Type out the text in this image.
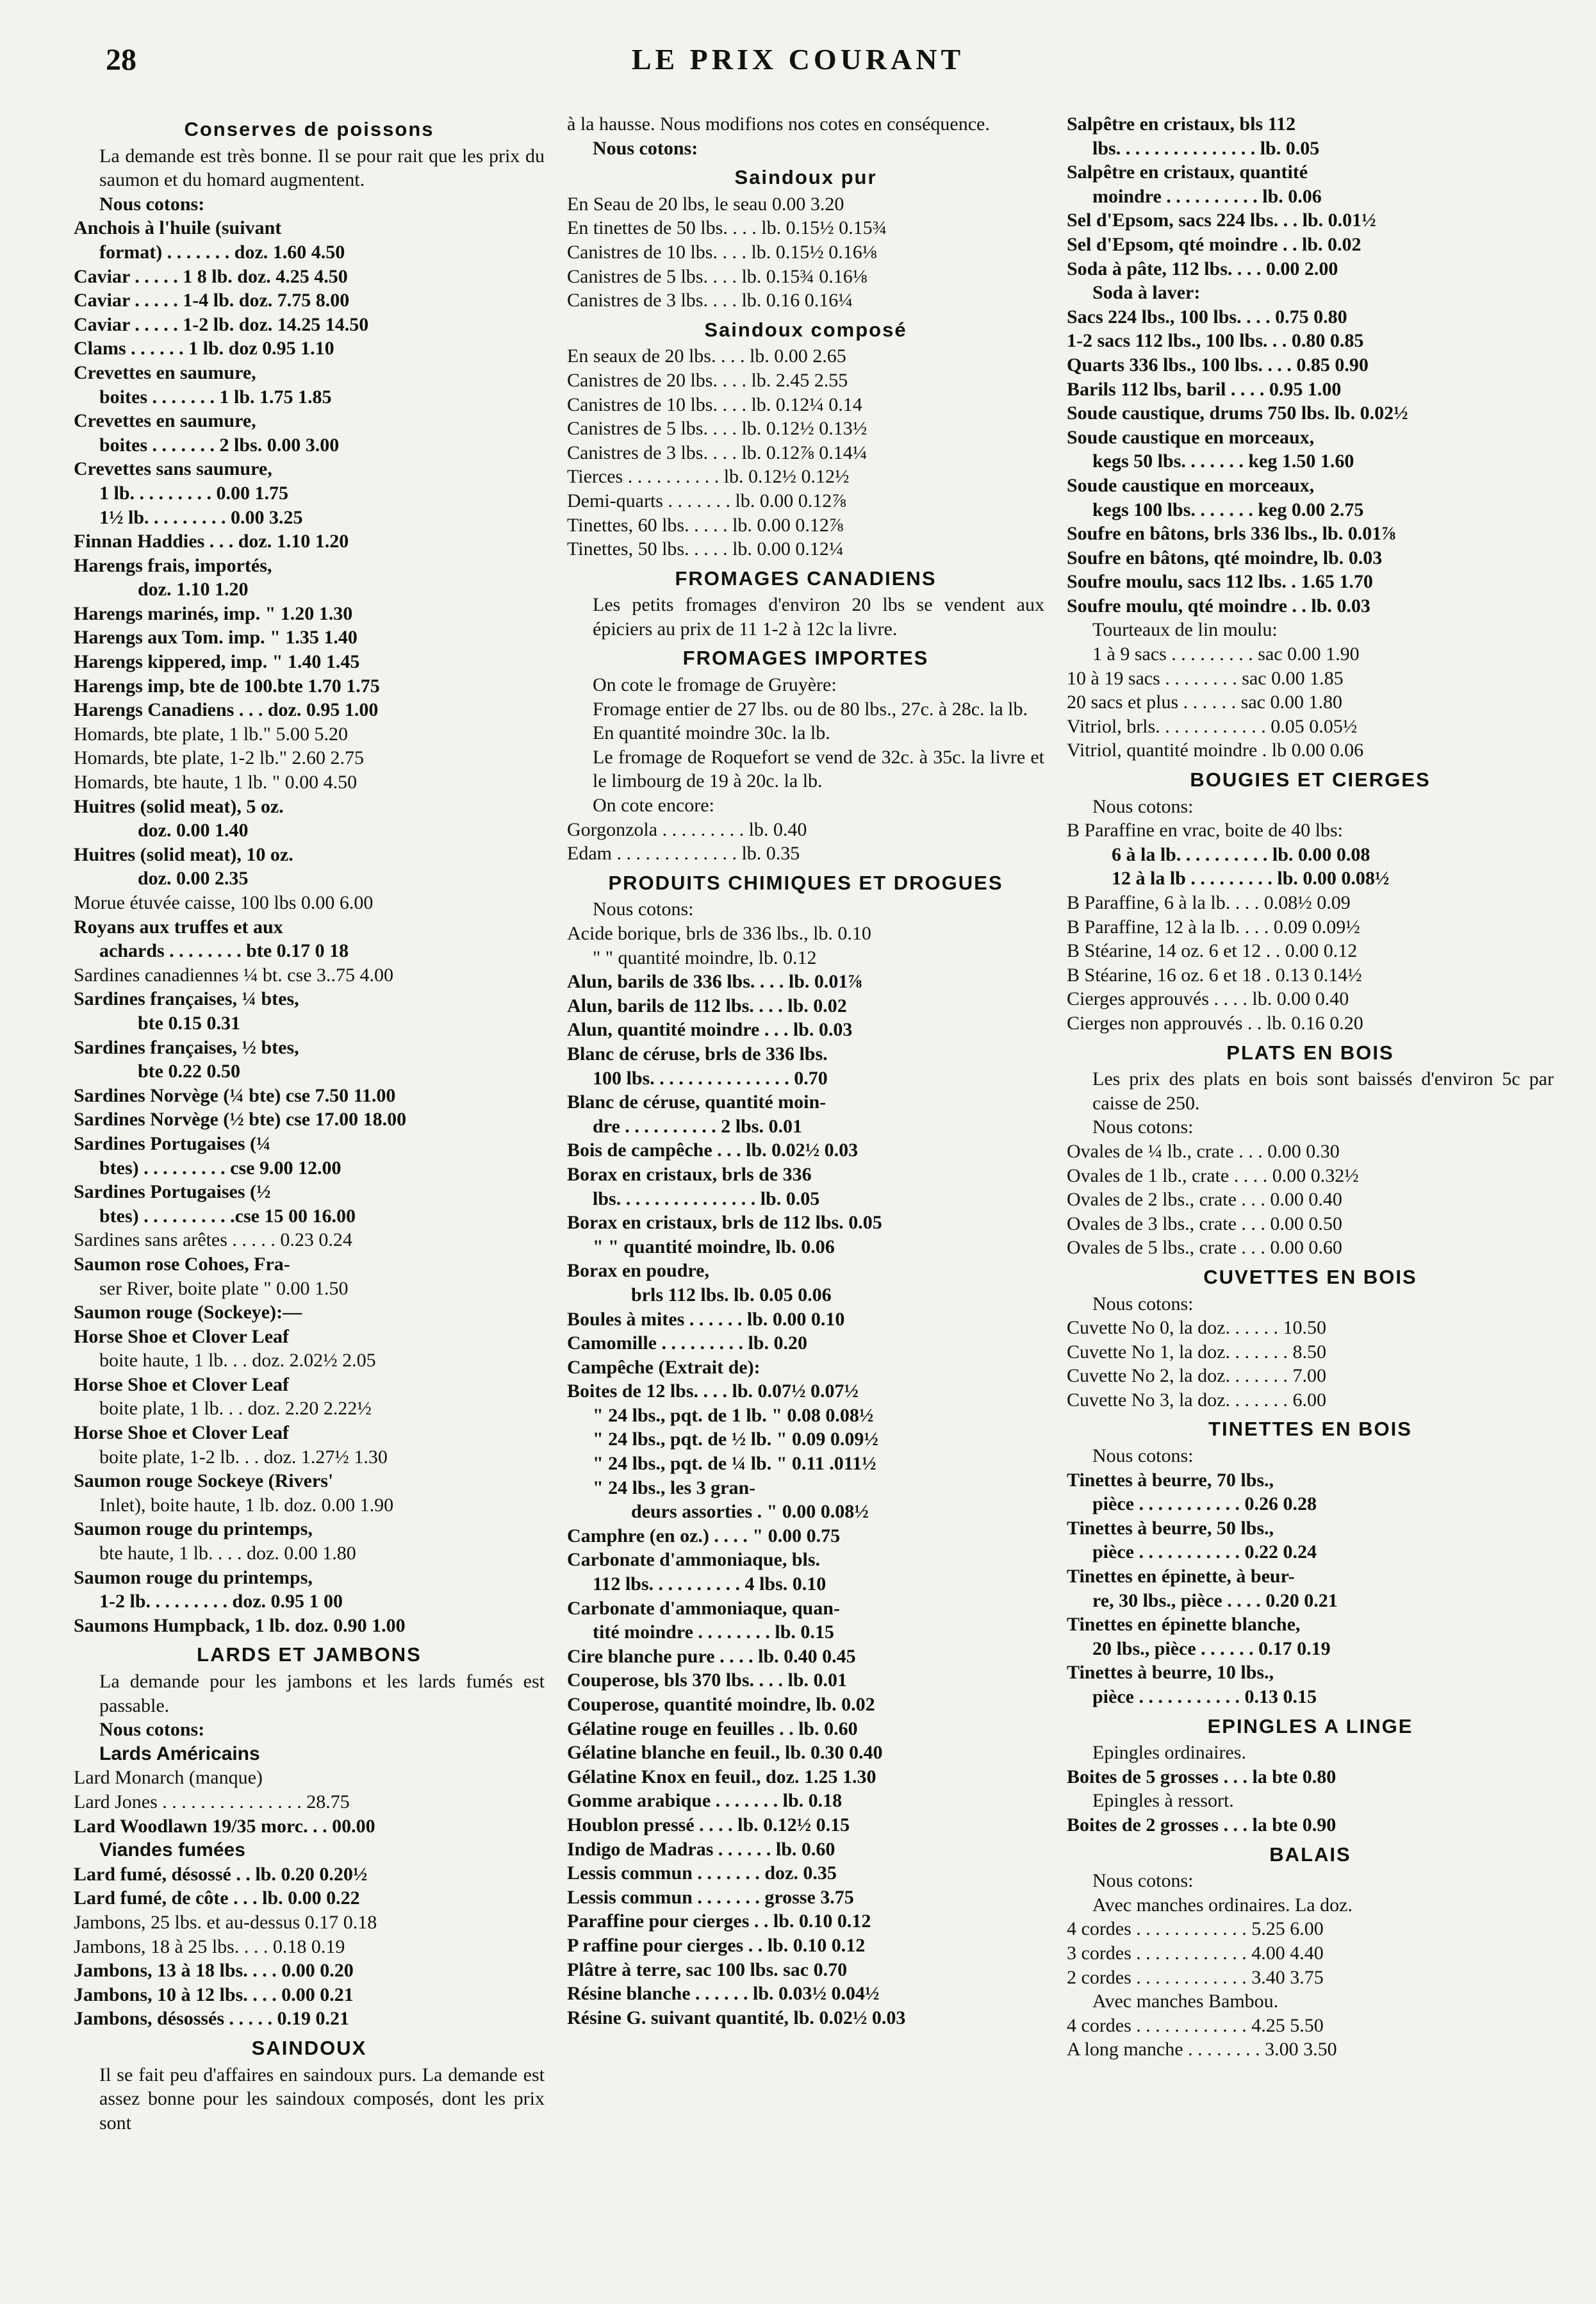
28	LE PRIX COURANT
Conserves de poissons
La demande est très bonne. Il se pour rait que les prix du saumon et du homard augmentent.
Nous cotons:
Anchois à l'huile (suivant
format) . . . . . . . doz. 1.60 4.50
Caviar . . . . . 1 8 lb. doz. 4.25 4.50
Caviar . . . . . 1-4 lb. doz. 7.75 8.00
Caviar . . . . . 1-2 lb. doz. 14.25 14.50
Clams . . . . . . 1 lb. doz 0.95 1.10
Crevettes en saumure,
boites . . . . . . . 1 lb. 1.75 1.85
Crevettes en saumure,
boites . . . . . . . 2 lbs. 0.00 3.00
Crevettes sans saumure,
1 lb. . . . . . . . . 0.00 1.75
1½ lb. . . . . . . . . 0.00 3.25
Finnan Haddies . . . doz. 1.10 1.20
Harengs frais, importés,
doz. 1.10 1.20
Harengs marinés, imp. " 1.20 1.30
Harengs aux Tom. imp. " 1.35 1.40
Harengs kippered, imp. " 1.40 1.45
Harengs imp, bte de 100.bte 1.70 1.75
Harengs Canadiens . . . doz. 0.95 1.00
Homards, bte plate, 1 lb." 5.00 5.20
Homards, bte plate, 1-2 lb." 2.60 2.75
Homards, bte haute, 1 lb. " 0.00 4.50
Huitres (solid meat), 5 oz.
doz. 0.00 1.40
Huitres (solid meat), 10 oz.
doz. 0.00 2.35
Morue étuvée caisse, 100 lbs 0.00 6.00
Royans aux truffes et aux
achards . . . . . . . . bte 0.17 0 18
Sardines canadiennes ¼ bt. cse 3..75 4.00
Sardines françaises, ¼ btes,
bte 0.15 0.31
Sardines françaises, ½ btes,
bte 0.22 0.50
Sardines Norvège (¼ bte) cse 7.50 11.00
Sardines Norvège (½ bte) cse 17.00 18.00
Sardines Portugaises (¼
btes) . . . . . . . . . cse 9.00 12.00
Sardines Portugaises (½
btes) . . . . . . . . . .cse 15 00 16.00
Sardines sans arêtes . . . . . 0.23 0.24
Saumon rose Cohoes, Fra-
ser River, boite plate " 0.00 1.50
Saumon rouge (Sockeye):—
Horse Shoe et Clover Leaf
boite haute, 1 lb. . . doz. 2.02½ 2.05
Horse Shoe et Clover Leaf
boite plate, 1 lb. . . doz. 2.20 2.22½
Horse Shoe et Clover Leaf
boite plate, 1-2 lb. . . doz. 1.27½ 1.30
Saumon rouge Sockeye (Rivers'
Inlet), boite haute, 1 lb. doz. 0.00 1.90
Saumon rouge du printemps,
bte haute, 1 lb. . . . doz. 0.00 1.80
Saumon rouge du printemps,
1-2 lb. . . . . . . . . doz. 0.95 1 00
Saumons Humpback, 1 lb. doz. 0.90 1.00
LARDS ET JAMBONS
La demande pour les jambons et les lards fumés est passable.
Nous cotons:
Lards Américains
Lard Monarch (manque)
Lard Jones . . . . . . . . . . . . . . . 28.75
Lard Woodlawn 19/35 morc. . . 00.00
Viandes fumées
Lard fumé, désossé . . lb. 0.20 0.20½
Lard fumé, de côte . . . lb. 0.00 0.22
Jambons, 25 lbs. et au-dessus 0.17 0.18
Jambons, 18 à 25 lbs. . . . 0.18 0.19
Jambons, 13 à 18 lbs. . . . 0.00 0.20
Jambons, 10 à 12 lbs. . . . 0.00 0.21
Jambons, désossés . . . . . 0.19 0.21
SAINDOUX
Il se fait peu d'affaires en saindoux purs. La demande est assez bonne pour les saindoux composés, dont les prix sont
à la hausse. Nous modifions nos cotes en conséquence.
Nous cotons:
Saindoux pur
En Seau de 20 lbs, le seau 0.00 3.20
En tinettes de 50 lbs. . . . lb. 0.15½ 0.15¾
Canistres de 10 lbs. . . . lb. 0.15½ 0.16⅛
Canistres de 5 lbs. . . . lb. 0.15¾ 0.16⅛
Canistres de 3 lbs. . . . lb. 0.16 0.16¼
Saindoux composé
En seaux de 20 lbs. . . . lb. 0.00 2.65
Canistres de 20 lbs. . . . lb. 2.45 2.55
Canistres de 10 lbs. . . . lb. 0.12¼ 0.14
Canistres de 5 lbs. . . . lb. 0.12½ 0.13½
Canistres de 3 lbs. . . . lb. 0.12⅞ 0.14¼
Tierces . . . . . . . . . . lb. 0.12½ 0.12½
Demi-quarts . . . . . . . lb. 0.00 0.12⅞
Tinettes, 60 lbs. . . . . lb. 0.00 0.12⅞
Tinettes, 50 lbs. . . . . lb. 0.00 0.12¼
FROMAGES CANADIENS
Les petits fromages d'environ 20 lbs se vendent aux épiciers au prix de 11 1-2 à 12c la livre.
FROMAGES IMPORTES
On cote le fromage de Gruyère:
Fromage entier de 27 lbs. ou de 80 lbs., 27c. à 28c. la lb.
En quantité moindre 30c. la lb.
Le fromage de Roquefort se vend de 32c. à 35c. la livre et le limbourg de 19 à 20c. la lb.
On cote encore:
Gorgonzola . . . . . . . . . lb. 0.40
Edam . . . . . . . . . . . . . lb. 0.35
PRODUITS CHIMIQUES ET DROGUES
Nous cotons:
Acide borique, brls de 336 lbs., lb. 0.10
" " quantité moindre, lb. 0.12
Alun, barils de 336 lbs. . . . lb. 0.01⅞
Alun, barils de 112 lbs. . . . lb. 0.02
Alun, quantité moindre . . . lb. 0.03
Blanc de céruse, brls de 336 lbs.
100 lbs. . . . . . . . . . . . . . . 0.70
Blanc de céruse, quantité moin-
dre . . . . . . . . . . 2 lbs. 0.01
Bois de campêche . . . lb. 0.02½ 0.03
Borax en cristaux, brls de 336
lbs. . . . . . . . . . . . . . . lb. 0.05
Borax en cristaux, brls de 112 lbs. 0.05
" " quantité moindre, lb. 0.06
Borax en poudre,
brls 112 lbs. lb. 0.05 0.06
Boules à mites . . . . . . lb. 0.00 0.10
Camomille . . . . . . . . . lb. 0.20
Campêche (Extrait de):
Boites de 12 lbs. . . . lb. 0.07½ 0.07½
" 24 lbs., pqt. de 1 lb. " 0.08 0.08½
" 24 lbs., pqt. de ½ lb. " 0.09 0.09½
" 24 lbs., pqt. de ¼ lb. " 0.11 .011½
" 24 lbs., les 3 gran-
deurs assorties . " 0.00 0.08½
Camphre (en oz.) . . . . " 0.00 0.75
Carbonate d'ammoniaque, bls.
112 lbs. . . . . . . . . . 4 lbs. 0.10
Carbonate d'ammoniaque, quan-
tité moindre . . . . . . . . lb. 0.15
Cire blanche pure . . . . lb. 0.40 0.45
Couperose, bls 370 lbs. . . . lb. 0.01
Couperose, quantité moindre, lb. 0.02
Gélatine rouge en feuilles . . lb. 0.60
Gélatine blanche en feuil., lb. 0.30 0.40
Gélatine Knox en feuil., doz. 1.25 1.30
Gomme arabique . . . . . . . lb. 0.18
Houblon pressé . . . . lb. 0.12½ 0.15
Indigo de Madras . . . . . . lb. 0.60
Lessis commun . . . . . . . doz. 0.35
Lessis commun . . . . . . . grosse 3.75
Paraffine pour cierges . . lb. 0.10 0.12
P raffine pour cierges . . lb. 0.10 0.12
Plâtre à terre, sac 100 lbs. sac 0.70
Résine blanche . . . . . . lb. 0.03½ 0.04½
Résine G. suivant quantité, lb. 0.02½ 0.03
Salpêtre en cristaux, bls 112
lbs. . . . . . . . . . . . . . . lb. 0.05
Salpêtre en cristaux, quantité
moindre . . . . . . . . . . lb. 0.06
Sel d'Epsom, sacs 224 lbs. . . lb. 0.01½
Sel d'Epsom, qté moindre . . lb. 0.02
Soda à pâte, 112 lbs. . . . 0.00 2.00
Soda à laver:
Sacs 224 lbs., 100 lbs. . . . 0.75 0.80
1-2 sacs 112 lbs., 100 lbs. . . 0.80 0.85
Quarts 336 lbs., 100 lbs. . . . 0.85 0.90
Barils 112 lbs, baril . . . . 0.95 1.00
Soude caustique, drums 750 lbs. lb. 0.02½
Soude caustique en morceaux,
kegs 50 lbs. . . . . . . keg 1.50 1.60
Soude caustique en morceaux,
kegs 100 lbs. . . . . . . keg 0.00 2.75
Soufre en bâtons, brls 336 lbs., lb. 0.01⅞
Soufre en bâtons, qté moindre, lb. 0.03
Soufre moulu, sacs 112 lbs. . 1.65 1.70
Soufre moulu, qté moindre . . lb. 0.03
Tourteaux de lin moulu:
1 à 9 sacs . . . . . . . . . sac 0.00 1.90
10 à 19 sacs . . . . . . . . sac 0.00 1.85
20 sacs et plus . . . . . . sac 0.00 1.80
Vitriol, brls. . . . . . . . . . . . 0.05 0.05½
Vitriol, quantité moindre . lb 0.00 0.06
BOUGIES ET CIERGES
Nous cotons:
B Paraffine en vrac, boite de 40 lbs:
6 à la lb. . . . . . . . . . lb. 0.00 0.08
12 à la lb . . . . . . . . . lb. 0.00 0.08½
B Paraffine, 6 à la lb. . . . 0.08½ 0.09
B Paraffine, 12 à la lb. . . . 0.09 0.09½
B Stéarine, 14 oz. 6 et 12 . . 0.00 0.12
B Stéarine, 16 oz. 6 et 18 . 0.13 0.14½
Cierges approuvés . . . . lb. 0.00 0.40
Cierges non approuvés . . lb. 0.16 0.20
PLATS EN BOIS
Les prix des plats en bois sont baissés d'environ 5c par caisse de 250.
Nous cotons:
Ovales de ¼ lb., crate . . . 0.00 0.30
Ovales de 1 lb., crate . . . . 0.00 0.32½
Ovales de 2 lbs., crate . . . 0.00 0.40
Ovales de 3 lbs., crate . . . 0.00 0.50
Ovales de 5 lbs., crate . . . 0.00 0.60
CUVETTES EN BOIS
Nous cotons:
Cuvette No 0, la doz. . . . . . 10.50
Cuvette No 1, la doz. . . . . . . 8.50
Cuvette No 2, la doz. . . . . . . 7.00
Cuvette No 3, la doz. . . . . . . 6.00
TINETTES EN BOIS
Nous cotons:
Tinettes à beurre, 70 lbs.,
pièce . . . . . . . . . . . 0.26 0.28
Tinettes à beurre, 50 lbs.,
pièce . . . . . . . . . . . 0.22 0.24
Tinettes en épinette, à beur-
re, 30 lbs., pièce . . . . 0.20 0.21
Tinettes en épinette blanche,
20 lbs., pièce . . . . . . 0.17 0.19
Tinettes à beurre, 10 lbs.,
pièce . . . . . . . . . . . 0.13 0.15
EPINGLES A LINGE
Epingles ordinaires.
Boites de 5 grosses . . . la bte 0.80
Epingles à ressort.
Boites de 2 grosses . . . la bte 0.90
BALAIS
Nous cotons:
Avec manches ordinaires. La doz.
4 cordes . . . . . . . . . . . . 5.25 6.00
3 cordes . . . . . . . . . . . . 4.00 4.40
2 cordes . . . . . . . . . . . . 3.40 3.75
Avec manches Bambou.
4 cordes . . . . . . . . . . . . 4.25 5.50
A long manche . . . . . . . . 3.00 3.50
